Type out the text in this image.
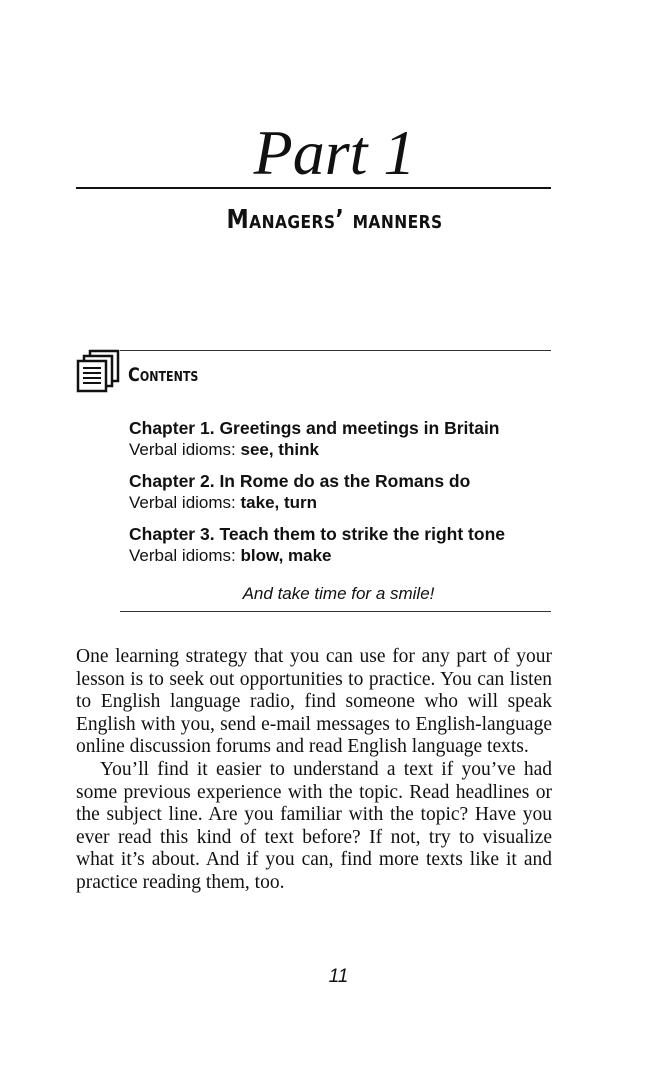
Part 1
Managers’ manners
Contents
Chapter 1. Greetings and meetings in Britain
Verbal idioms: see, think
Chapter 2. In Rome do as the Romans do
Verbal idioms: take, turn
Chapter 3. Teach them to strike the right tone
Verbal idioms: blow, make
And take time for a smile!

One learning strategy that you can use for any part of your lesson is to seek out opportunities to practice. You can listen to English language radio, find someone who will speak English with you, send e-mail messages to English-language online discussion forums and read English language texts.

You’ll find it easier to understand a text if you’ve had some previous experience with the topic. Read headlines or the subject line. Are you familiar with the topic? Have you ever read this kind of text before? If not, try to visualize what it’s about. And if you can, find more texts like it and practice reading them, too.

11
